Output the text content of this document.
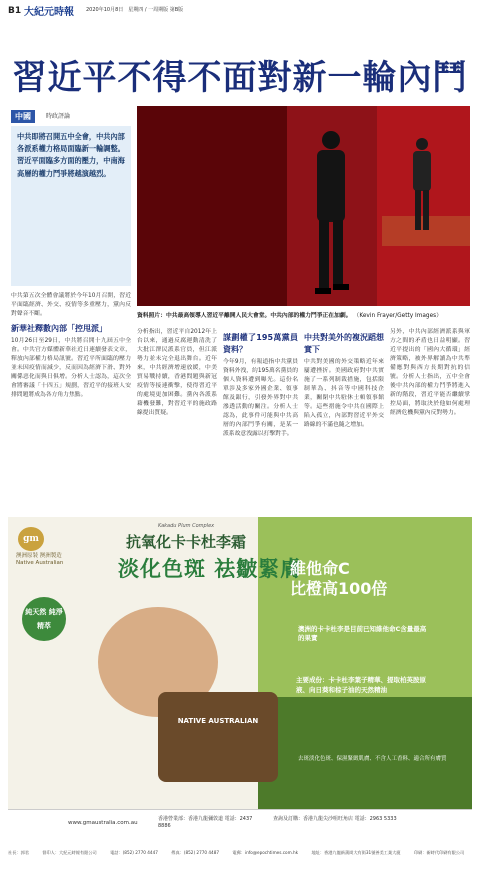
B1 大紀元時報 2020年10月8日　星期四 / 一周期版 第B版
習近平不得不面對新一輪內鬥
中國	時政評論
中共即將召開五中全會，中共內部各派系權力格局面臨新一輪調整。習近平面臨多方面的壓力，中南海高層的權力鬥爭將越演越烈。
資料照片：中共最高領導人習近平離開人民大會堂。中共內部的權力鬥爭正在加劇。 （Kevin Frayer/Getty Images）
中共第五次全體會議將於今年10月召開，習近平面臨經濟、外交、疫情等多重壓力，黨內反對聲音不斷。
新華社釋數內部「控甩派」
10月26日至29日，中共將召開十九屆五中全會。中共官方媒體新華社近日連續發表文章，釋放內部權力格局訊號。習近平所面臨的壓力並未因疫情而減少，反而因為經濟下滑、對外關係惡化而與日俱增。分析人士認為，這次全會將審議「十四五」規劃，習近平的接班人安排問題將成為各方角力焦點。
分析指出，習近平自2012年上台以來，通過反腐運動清洗了大批江澤民派系官員，但江派勢力並未完全退出舞台。近年來，中共經濟增速放緩，中美貿易戰持續，香港問題與新冠疫情等接連衝擊，使得習近平的處境更加困難。黨內各派系藉機發難，對習近平的施政路線提出質疑。
謀劃權了195萬黨員資料？
今年9月，有報道指中共黨員資料外洩，約195萬名黨員的個人資料遭到曝光。這份名單涉及多家外國企業、領事館及銀行，引發外界對中共滲透活動的關注。分析人士認為，此事件可能與中共高層的內部鬥爭有關，是某一派系故意洩露以打擊對手。
中共對美外的複況蹈想實下
中共對美國的外交策略近年來屢遭挫折。美國政府對中共實施了一系列制裁措施，包括限制華為、抖音等中國科技企業，關閉中共駐休士頓領事館等。這些措施令中共在國際上陷入孤立，內部對習近平外交路線的不滿也隨之增加。
另外，中共內部經濟派系與軍方之間的矛盾也日益明顯。習近平提出的「國內大循環」經濟策略，被外界解讀為中共準備應對與西方長期對抗的信號。分析人士指出，五中全會後中共內部的權力鬥爭將進入新的階段，習近平能否繼續掌控局面，將取決於他如何處理經濟危機與黨內反對勢力。
gm
澳洲原裝 澳洲製造 Native Australian
Kakadu Plum Complex
抗氧化卡卡杜李霜
淡化色斑 祛皺緊膚
純天然 純淨精萃
NATIVE AUSTRALIAN
維他命C
比橙高100倍
澳洲的卡卡杜李是目前已知維他命C含量最高的果實
主要成份：卡卡杜李葉子精華、提取柏英胺原液、向日葵和棕子油的天然精油
去斑淡化色斑、保濕緊緻肌膚、不含人工香料、適合所有膚質
www.gmaustralia.com.au
香港營業部：香港九龍彌敦道 電話：2437 8886
查詢及訂購：香港九龍尖沙咀旺角店 電話：2963 5333
社長：郭君	督印人：大紀元時報有限公司	電話：(852) 2770 4447	傳真：(852) 2770 4487	電郵：info@epochtimes.com.hk	地址：香港九龍新蒲崗大有街31號善美工業大廈	印刷：新時代印刷有限公司
